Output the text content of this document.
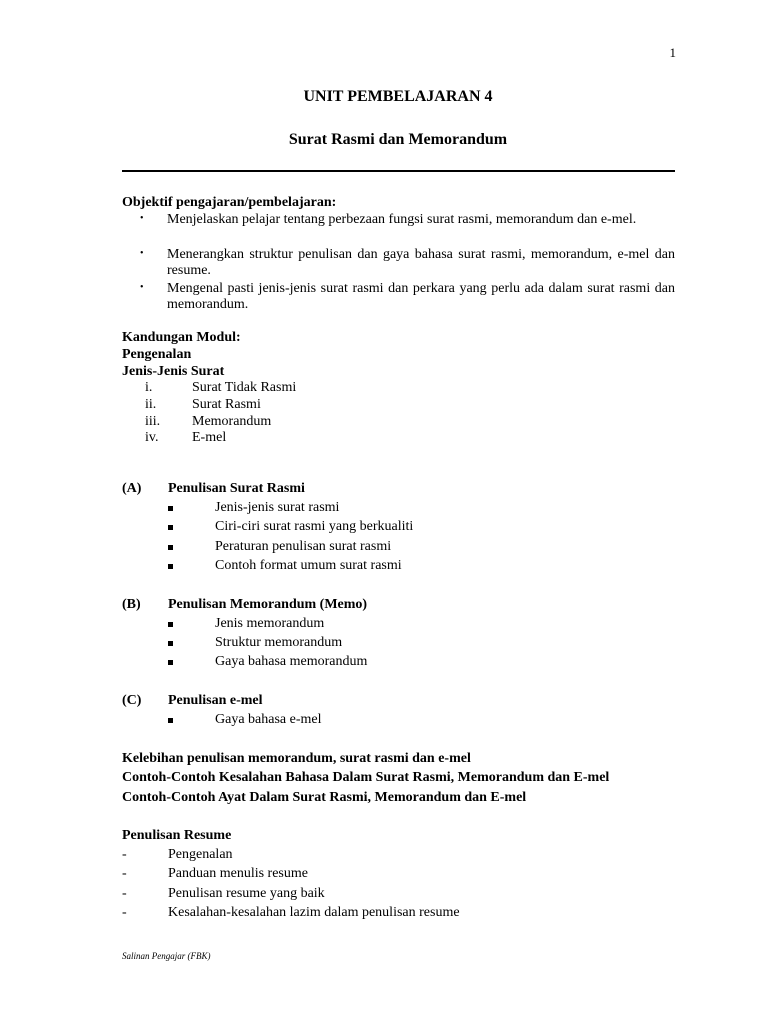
1
UNIT PEMBELAJARAN 4
Surat Rasmi dan Memorandum
Objektif pengajaran/pembelajaran:
• Menjelaskan pelajar tentang perbezaan fungsi surat rasmi, memorandum dan e-mel.
• Menerangkan struktur penulisan dan gaya bahasa surat rasmi, memorandum, e-mel dan resume.
• Mengenal pasti jenis-jenis surat rasmi dan perkara yang perlu ada dalam surat rasmi dan memorandum.
Kandungan Modul:
Pengenalan
Jenis-Jenis Surat
i.	Surat Tidak Rasmi
ii.	Surat Rasmi
iii. Memorandum
iv. E-mel
(A) Penulisan Surat Rasmi
Jenis-jenis surat rasmi
Ciri-ciri surat rasmi yang berkualiti
Peraturan penulisan surat rasmi
Contoh format umum surat rasmi
(B) Penulisan Memorandum (Memo)
Jenis memorandum
Struktur memorandum
Gaya bahasa memorandum
(C) Penulisan e-mel
Gaya bahasa e-mel
Kelebihan penulisan memorandum, surat rasmi dan e-mel
Contoh-Contoh Kesalahan Bahasa Dalam Surat Rasmi, Memorandum dan E-mel
Contoh-Contoh Ayat Dalam Surat Rasmi, Memorandum dan E-mel
Penulisan Resume
-	Pengenalan
-	Panduan menulis resume
-	Penulisan resume yang baik
-	Kesalahan-kesalahan lazim dalam penulisan resume
Salinan Pengajar (FBK)
